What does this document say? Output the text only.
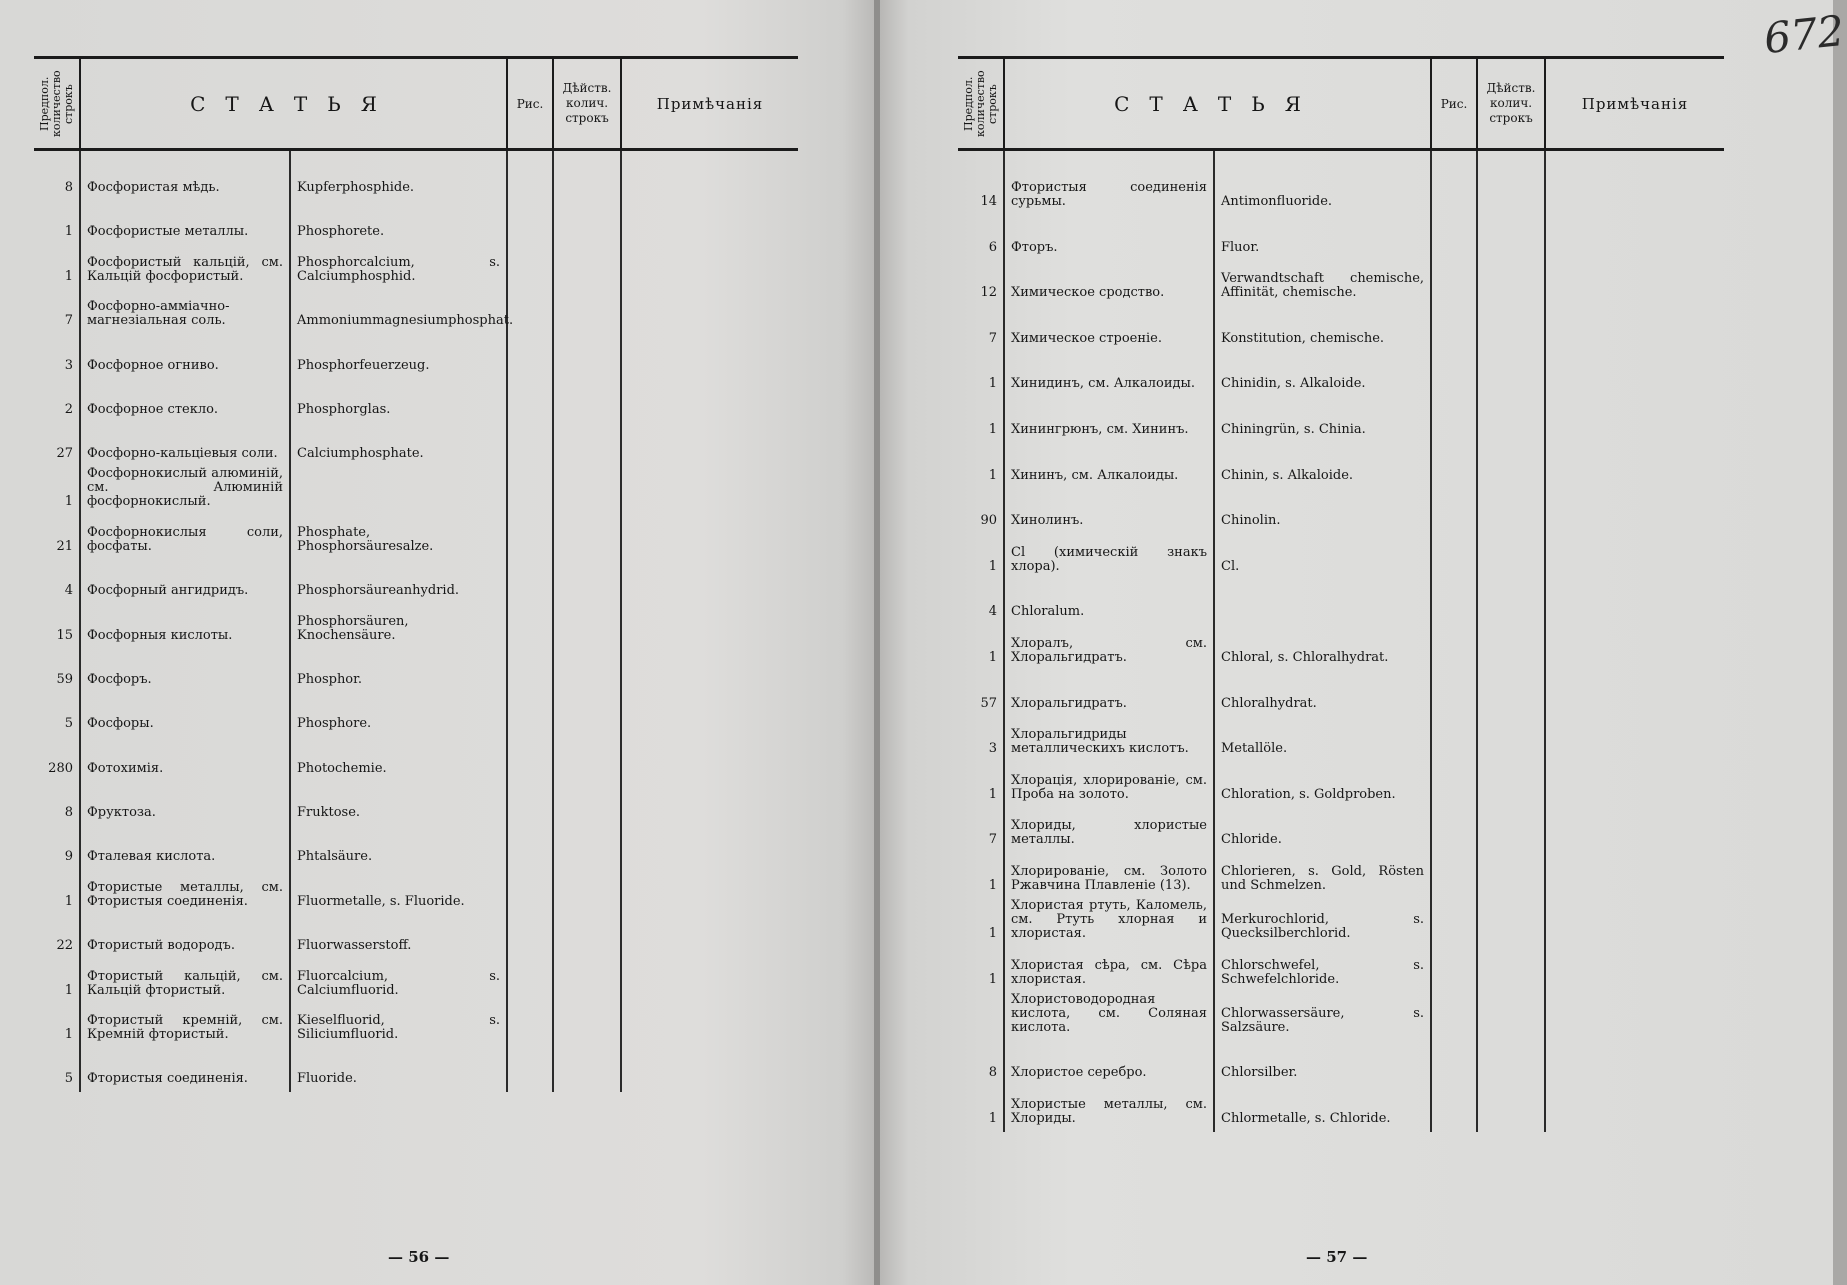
Предпол. количество строкъ	СТАТЬЯ		Рис.	Дѣйств. колич. строкъ	Примѣчанія
8	Фосфористая мѣдь.	Kupferphosphide.			
1	Фосфористые металлы.	Phosphorete.			
1	Фосфористый кальцій, см. Кальцій фосфористый.	Phosphorcalcium, s. Calciumphosphid.			
7	Фосфорно-аммiачно-магнезiальная соль.	Ammoniummagnesiumphosphat.			
3	Фосфорное огниво.	Phosphorfeuerzeug.			
2	Фосфорное стекло.	Phosphorglas.			
27	Фосфорно-кальцiевыя соли.	Calciumphosphate.			
1	Фосфорнокислый алюминiй, см. Алюминiй фосфорнокислый.				
21	Фосфорнокислыя соли, фосфаты.	Phosphate, Phosphorsäuresalze.			
4	Фосфорный ангидридъ.	Phosphorsäureanhydrid.			
15	Фосфорныя кислоты.	Phosphorsäuren, Knochensäure.			
59	Фосфоръ.	Phosphor.			
5	Фосфоры.	Phosphore.			
280	Фотохимiя.	Photochemie.			
8	Фруктоза.	Fruktose.			
9	Фталевая кислота.	Phtalsäure.			
1	Фтористые металлы, см. Фтористыя соединенiя.	Fluormetalle, s. Fluoride.			
22	Фтористый водородъ.	Fluorwasserstoff.			
1	Фтористый кальцiй, см. Кальцiй фтористый.	Fluorcalcium, s. Calciumfluorid.			
1	Фтористый кремнiй, см. Кремнiй фтористый.	Kieselfluorid, s. Siliciumfluorid.			
5	Фтористыя соединенiя.	Fluoride.			
— 56 —
Предпол. количество строкъ	СТАТЬЯ		Рис.	Дѣйств. колич. строкъ	Примѣчанія
14	Фтористыя соединенiя сурьмы.	Antimonfluoride.			
6	Фторъ.	Fluor.			
12	Химическое сродство.	Verwandtschaft chemische, Affinität, chemische.			
7	Химическое строенiе.	Konstitution, chemische.			
1	Хинидинъ, см. Алкалоиды.	Chinidin, s. Alkaloide.			
1	Хинингрюнъ, см. Хининъ.	Chiningrün, s. Chinia.			
1	Хининъ, см. Алкалоиды.	Chinin, s. Alkaloide.			
90	Хинолинъ.	Chinolin.			
1	Cl (химическiй знакъ хлора).	Cl.			
4	Chloralum.				
1	Хлоралъ, см. Хлоральгидратъ.	Chloral, s. Chloralhydrat.			
57	Хлоральгидратъ.	Chloralhydrat.			
3	Хлоральгидриды металлическихъ кислотъ.	Metallöle.			
1	Хлорацiя, хлорированiе, см. Проба на золото.	Chloration, s. Goldproben.			
7	Хлориды, хлористые металлы.	Chloride.			
1	Хлорированiе, см. Золото Ржавчина Плавленiе (13).	Chlorieren, s. Gold, Rösten und Schmelzen.			
1	Хлористая ртуть, Каломель, см. Ртуть хлорная и хлористая.	Merkurochlorid, s. Quecksilberchlorid.			
1	Хлористая сѣра, см. Сѣра хлористая.	Chlorschwefel, s. Schwefelchloride.			
	Хлористоводородная кислота, см. Соляная кислота.	Chlorwassersäure, s. Salzsäure.			
8	Хлористое серебро.	Chlorsilber.			
1	Хлористые металлы, см. Хлориды.	Chlormetalle, s. Chloride.			
— 57 —
672
